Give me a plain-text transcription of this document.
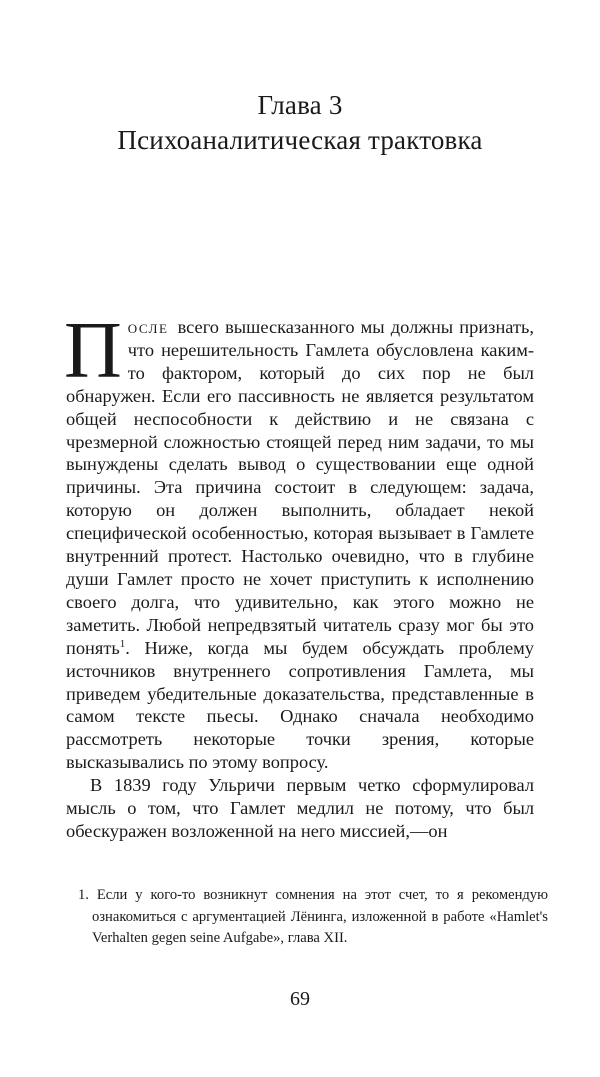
Глава 3
Психоаналитическая трактовка

После всего вышесказанного мы должны признать, что нерешительность Гамлета обусловлена каким-то фактором, который до сих пор не был обнаружен. Если его пассивность не является результатом общей неспособности к действию и не связана с чрезмерной сложностью стоящей перед ним задачи, то мы вынуждены сделать вывод о существовании еще одной причины. Эта причина состоит в следующем: задача, которую он должен выполнить, обладает некой специфической особенностью, которая вызывает в Гамлете внутренний протест. Настолько очевидно, что в глубине души Гамлет просто не хочет приступить к исполнению своего долга, что удивительно, как этого можно не заметить. Любой непредвзятый читатель сразу мог бы это понять$^1$. Ниже, когда мы будем обсуждать проблему источников внутреннего сопротивления Гамлета, мы приведем убедительные доказательства, представленные в самом тексте пьесы. Однако сначала необходимо рассмотреть некоторые точки зрения, которые высказывались по этому вопросу.

В 1839 году Ульричи первым четко сформулировал мысль о том, что Гамлет медлил не потому, что был обескуражен возложенной на него миссией,—он

1. Если у кого-то возникнут сомнения на этот счет, то я рекомендую ознакомиться с аргументацией Лёнинга, изложенной в работе «Hamlet's Verhalten gegen seine Aufgabe», глава XII.
69
